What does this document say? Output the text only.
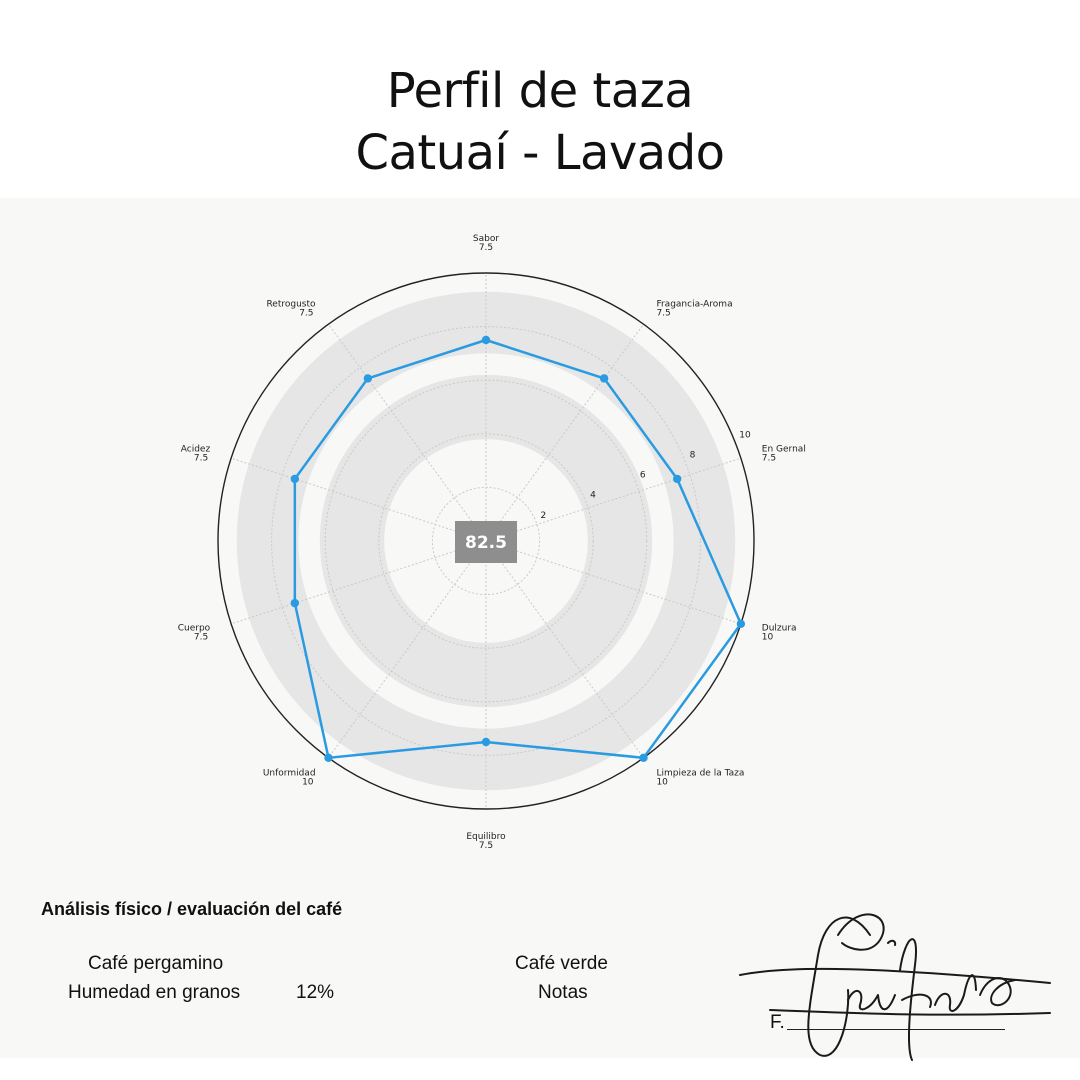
Perfil de taza
Catuaí - Lavado
2
4
6
8
10
Sabor
7.5
Fragancia-Aroma
7.5
En Gernal
7.5
Dulzura
10
Limpieza de la Taza
10
Equilibro
7.5
Unformidad
10
Cuerpo
7.5
Acidez
7.5
Retrogusto
7.5
82.5
Análisis físico / evaluación del café
Café pergamino
Humedad en granos	12%
Café verde
Notas
F.
